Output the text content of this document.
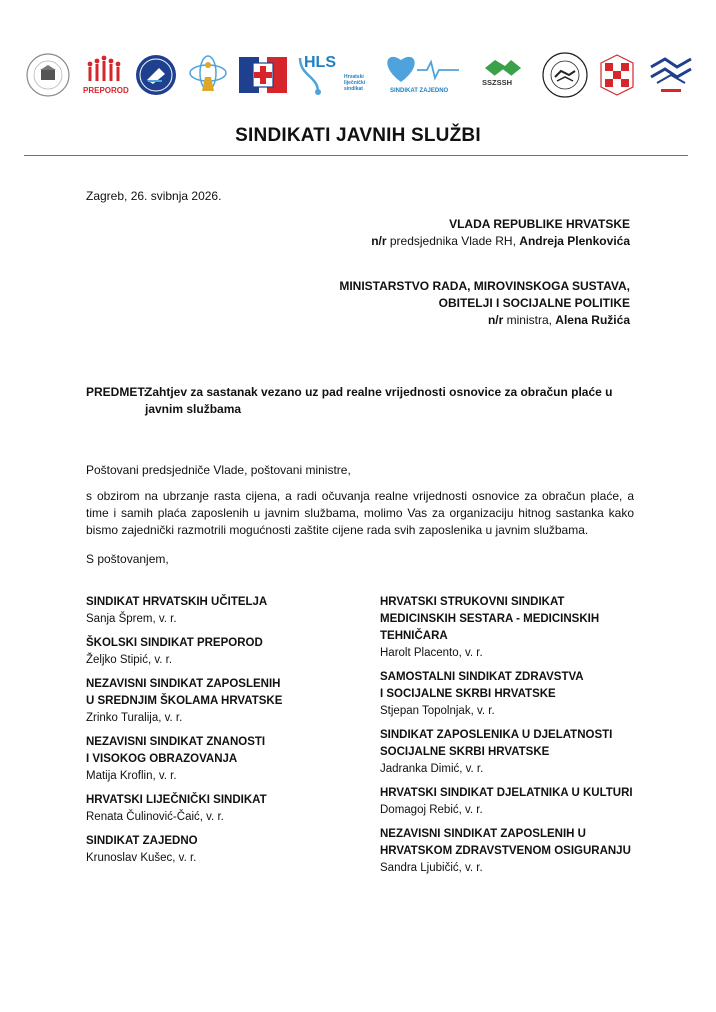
PREPOROD
HLS
Hrvatski liječnički sindikat	SINDIKAT ZAJEDNO
SSZSSH
SINDIKATI JAVNIH SLUŽBI
Zagreb, 26. svibnja 2026.
VLADA REPUBLIKE HRVATSKE
n/r predsjednika Vlade RH, Andreja Plenkovića
MINISTARSTVO RADA, MIROVINSKOGA SUSTAVA,
OBITELJI I SOCIJALNE POLITIKE
n/r ministra, Alena Ružića
PREDMET:
Zahtjev za sastanak vezano uz pad realne vrijednosti osnovice za obračun plaće u javnim službama
Poštovani predsjedniče Vlade, poštovani ministre,
s obzirom na ubrzanje rasta cijena, a radi očuvanja realne vrijednosti osnovice za obračun plaće, a time i samih plaća zaposlenih u javnim službama, molimo Vas za organizaciju hitnog sastanka kako bismo zajednički razmotrili mogućnosti zaštite cijene rada svih zaposlenika u javnim službama.
S poštovanjem,
SINDIKAT HRVATSKIH UČITELJA
Sanja Šprem, v. r.
ŠKOLSKI SINDIKAT PREPOROD
Željko Stipić, v. r.
NEZAVISNI SINDIKAT ZAPOSLENIH
U SREDNJIM ŠKOLAMA HRVATSKE
Zrinko Turalija, v. r.
NEZAVISNI SINDIKAT ZNANOSTI
I VISOKOG OBRAZOVANJA
Matija Kroflin, v. r.
HRVATSKI LIJEČNIČKI SINDIKAT
Renata Čulinović-Čaić, v. r.
SINDIKAT ZAJEDNO
Krunoslav Kušec, v. r.
HRVATSKI STRUKOVNI SINDIKAT
MEDICINSKIH SESTARA - MEDICINSKIH
TEHNIČARA
Harolt Placento, v. r.
SAMOSTALNI SINDIKAT ZDRAVSTVA
I SOCIJALNE SKRBI HRVATSKE
Stjepan Topolnjak, v. r.
SINDIKAT ZAPOSLENIKA U DJELATNOSTI
SOCIJALNE SKRBI HRVATSKE
Jadranka Dimić, v. r.
HRVATSKI SINDIKAT DJELATNIKA U KULTURI
Domagoj Rebić, v. r.
NEZAVISNI SINDIKAT ZAPOSLENIH U
HRVATSKOM ZDRAVSTVENOM OSIGURANJU
Sandra Ljubičić, v. r.
